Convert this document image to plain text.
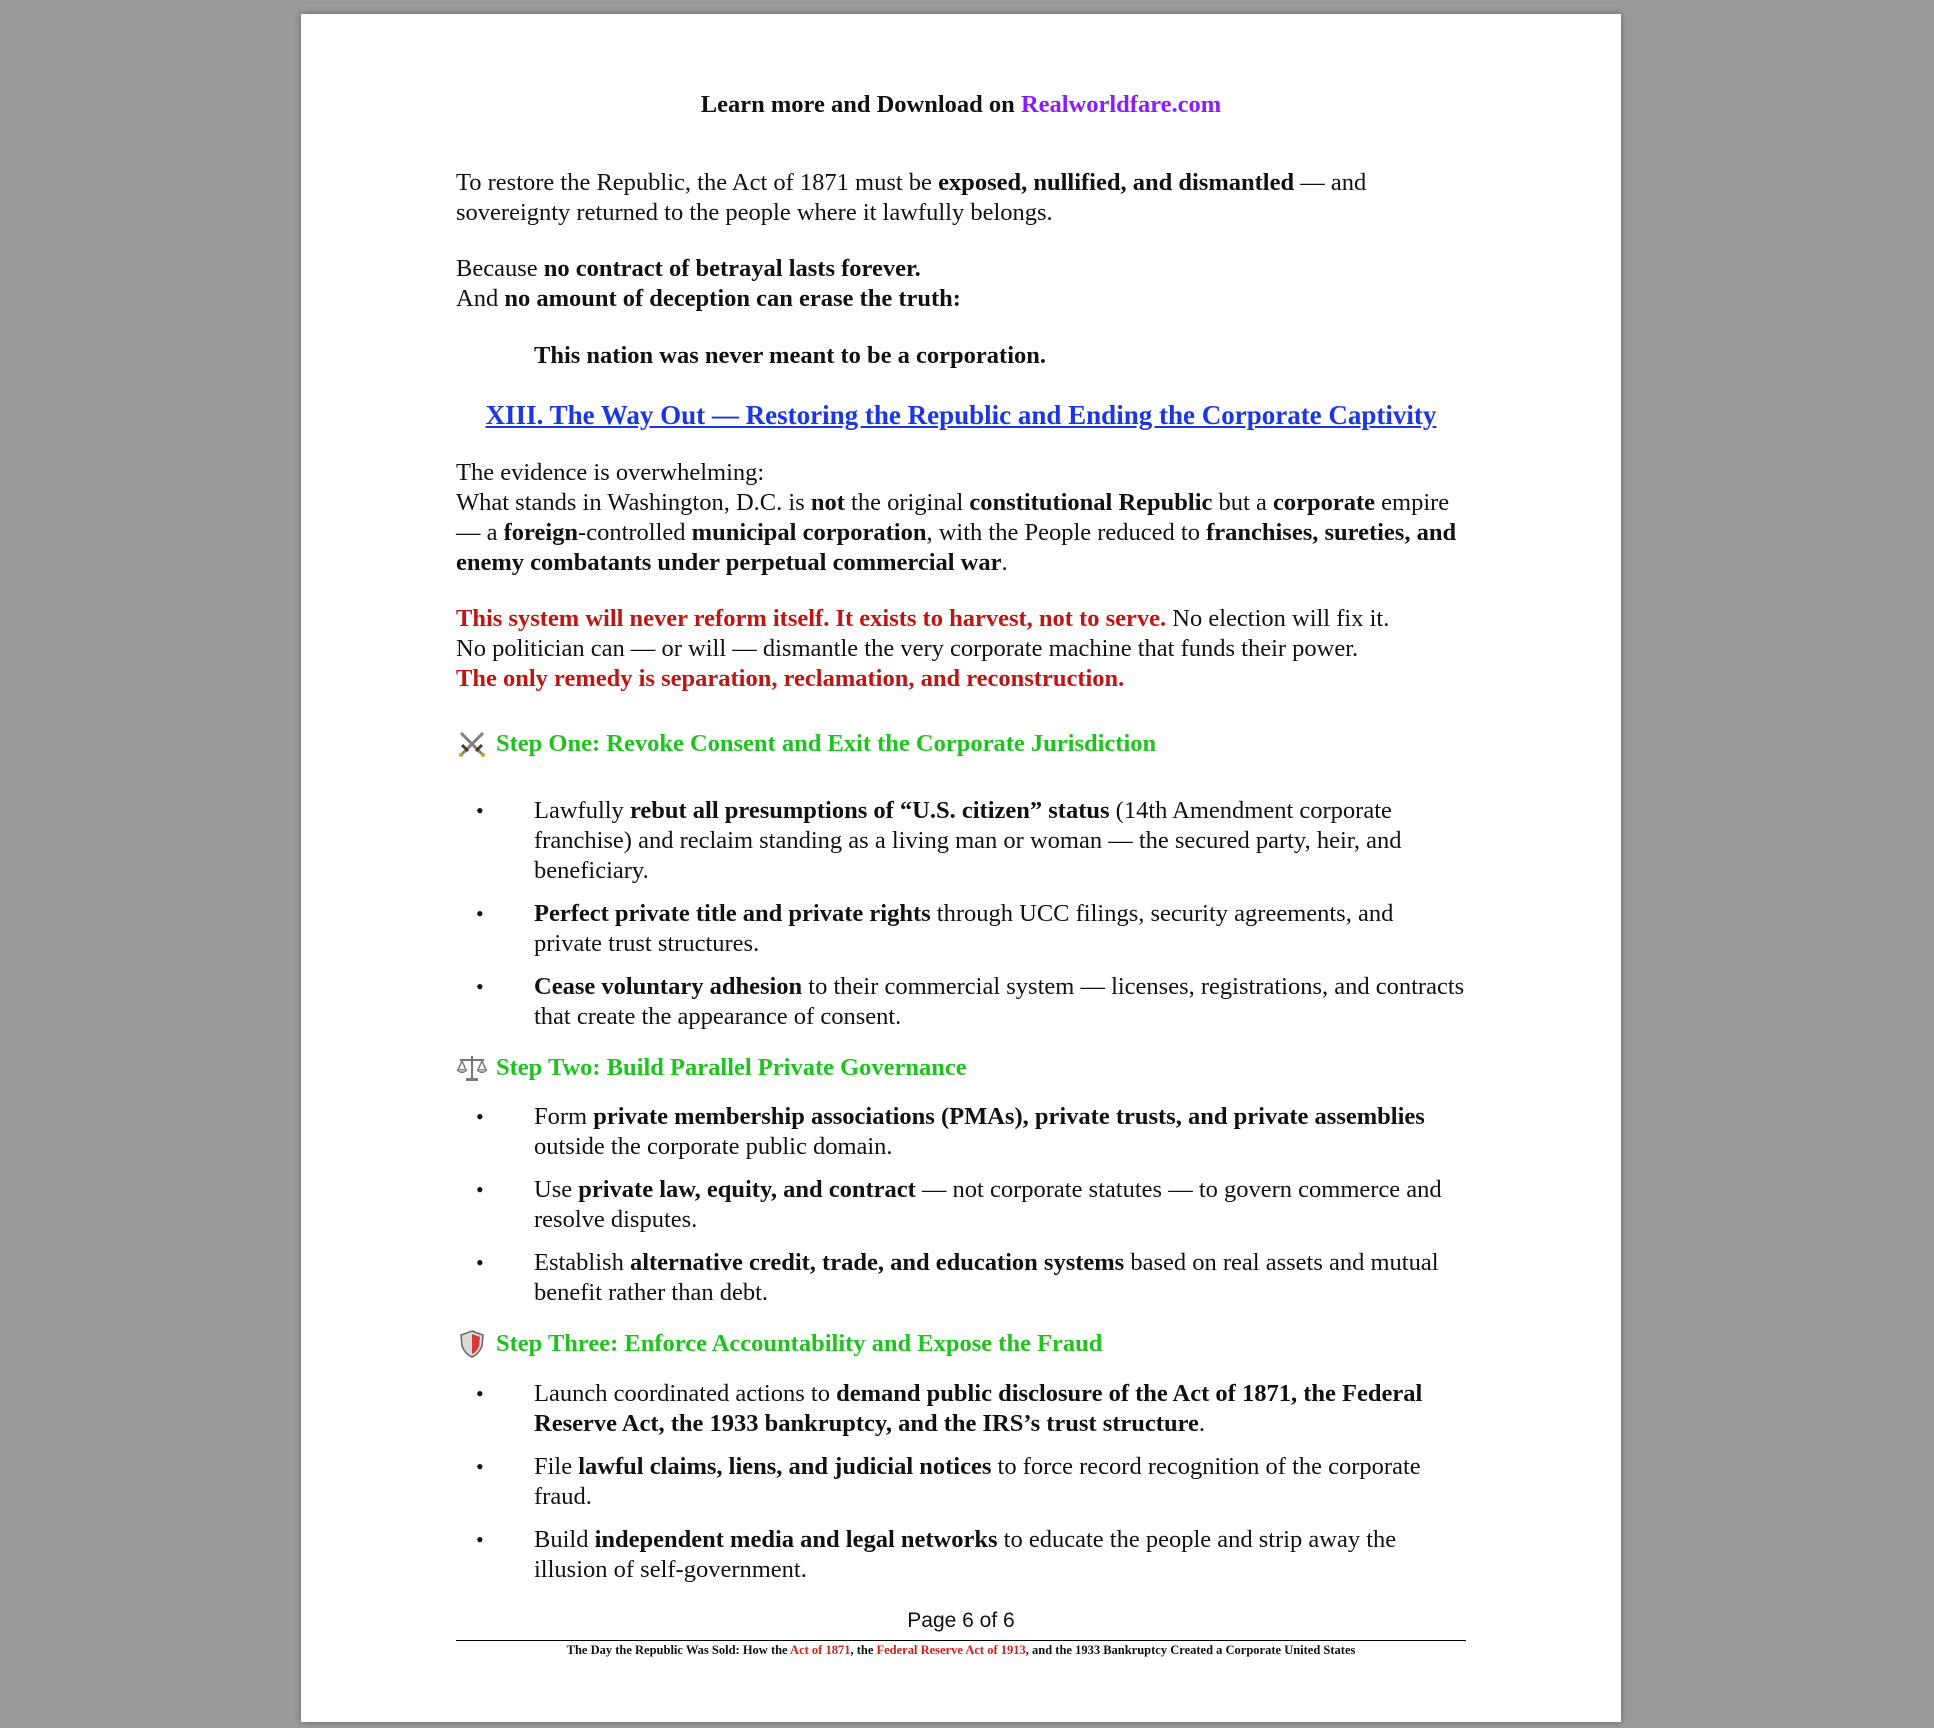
Learn more and Download on Realworldfare.com
To restore the Republic, the Act of 1871 must be exposed, nullified, and dismantled — and sovereignty returned to the people where it lawfully belongs.
Because no contract of betrayal lasts forever.
And no amount of deception can erase the truth:
This nation was never meant to be a corporation.
XIII. The Way Out — Restoring the Republic and Ending the Corporate Captivity
The evidence is overwhelming:
What stands in Washington, D.C. is not the original constitutional Republic but a corporate empire — a foreign-controlled municipal corporation, with the People reduced to franchises, sureties, and enemy combatants under perpetual commercial war.
This system will never reform itself. It exists to harvest, not to serve. No election will fix it.
No politician can — or will — dismantle the very corporate machine that funds their power.
The only remedy is separation, reclamation, and reconstruction.
Step One: Revoke Consent and Exit the Corporate Jurisdiction
• Lawfully rebut all presumptions of “U.S. citizen” status (14th Amendment corporate franchise) and reclaim standing as a living man or woman — the secured party, heir, and beneficiary.
• Perfect private title and private rights through UCC filings, security agreements, and private trust structures.
• Cease voluntary adhesion to their commercial system — licenses, registrations, and contracts that create the appearance of consent.
Step Two: Build Parallel Private Governance
• Form private membership associations (PMAs), private trusts, and private assemblies outside the corporate public domain.
• Use private law, equity, and contract — not corporate statutes — to govern commerce and resolve disputes.
• Establish alternative credit, trade, and education systems based on real assets and mutual benefit rather than debt.
Step Three: Enforce Accountability and Expose the Fraud
• Launch coordinated actions to demand public disclosure of the Act of 1871, the Federal Reserve Act, the 1933 bankruptcy, and the IRS’s trust structure.
• File lawful claims, liens, and judicial notices to force record recognition of the corporate fraud.
• Build independent media and legal networks to educate the people and strip away the illusion of self-government.
Page 6 of 6
The Day the Republic Was Sold: How the Act of 1871, the Federal Reserve Act of 1913, and the 1933 Bankruptcy Created a Corporate United States
